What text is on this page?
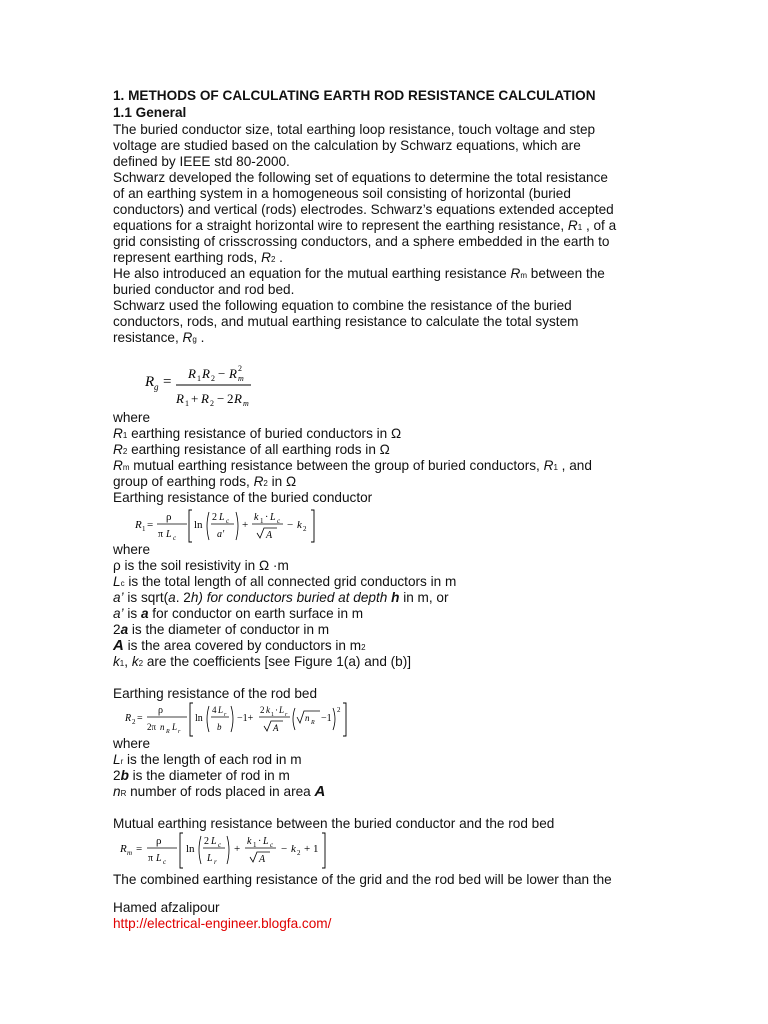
1. METHODS OF CALCULATING EARTH ROD RESISTANCE CALCULATION
1.1 General
The buried conductor size, total earthing loop resistance, touch voltage and step
voltage are studied based on the calculation by Schwarz equations, which are
defined by IEEE std 80-2000.
Schwarz developed the following set of equations to determine the total resistance
of an earthing system in a homogeneous soil consisting of horizontal (buried
conductors) and vertical (rods) electrodes. Schwarz’s equations extended accepted
equations for a straight horizontal wire to represent the earthing resistance, R1 , of a
grid consisting of crisscrossing conductors, and a sphere embedded in the earth to
represent earthing rods, R2 .
He also introduced an equation for the mutual earthing resistance Rm between the
buried conductor and rod bed.
Schwarz used the following equation to combine the resistance of the buried
conductors, rods, and mutual earthing resistance to calculate the total system
resistance, Rg .
R g =
R 1 R 2 − R m
2
R 1 + R 2 − 2 R m
where
R1 earthing resistance of buried conductors in Ω
R2 earthing resistance of all earthing rods in Ω
Rm mutual earthing resistance between the group of buried conductors, R1 , and
group of earthing rods, R2 in Ω
Earthing resistance of the buried conductor
R 1 =
ρ
π L c
ln
2 L c
a′
+
k 1 · L c
A
− k 2
where
ρ is the soil resistivity in Ω ·m
Lc is the total length of all connected grid conductors in m
a’ is sqrt(a. 2h) for conductors buried at depth h in m, or
a’ is a for conductor on earth surface in m
2a is the diameter of conductor in m
A is the area covered by conductors in m2
k1, k2 are the coefficients [see Figure 1(a) and (b)]
Earthing resistance of the rod bed
R 2 =
ρ
2π n R L r
ln
4 L r
b
−1+
2 k 1 · L r
A
n R −1
2
where
Lr is the length of each rod in m
2b is the diameter of rod in m
nR number of rods placed in area A
Mutual earthing resistance between the buried conductor and the rod bed
R m =
ρ
π L c
ln
2 L c
L r
+
k 1 · L c
A
− k 2 + 1
The combined earthing resistance of the grid and the rod bed will be lower than the
Hamed afzalipour
http://electrical-engineer.blogfa.com/
